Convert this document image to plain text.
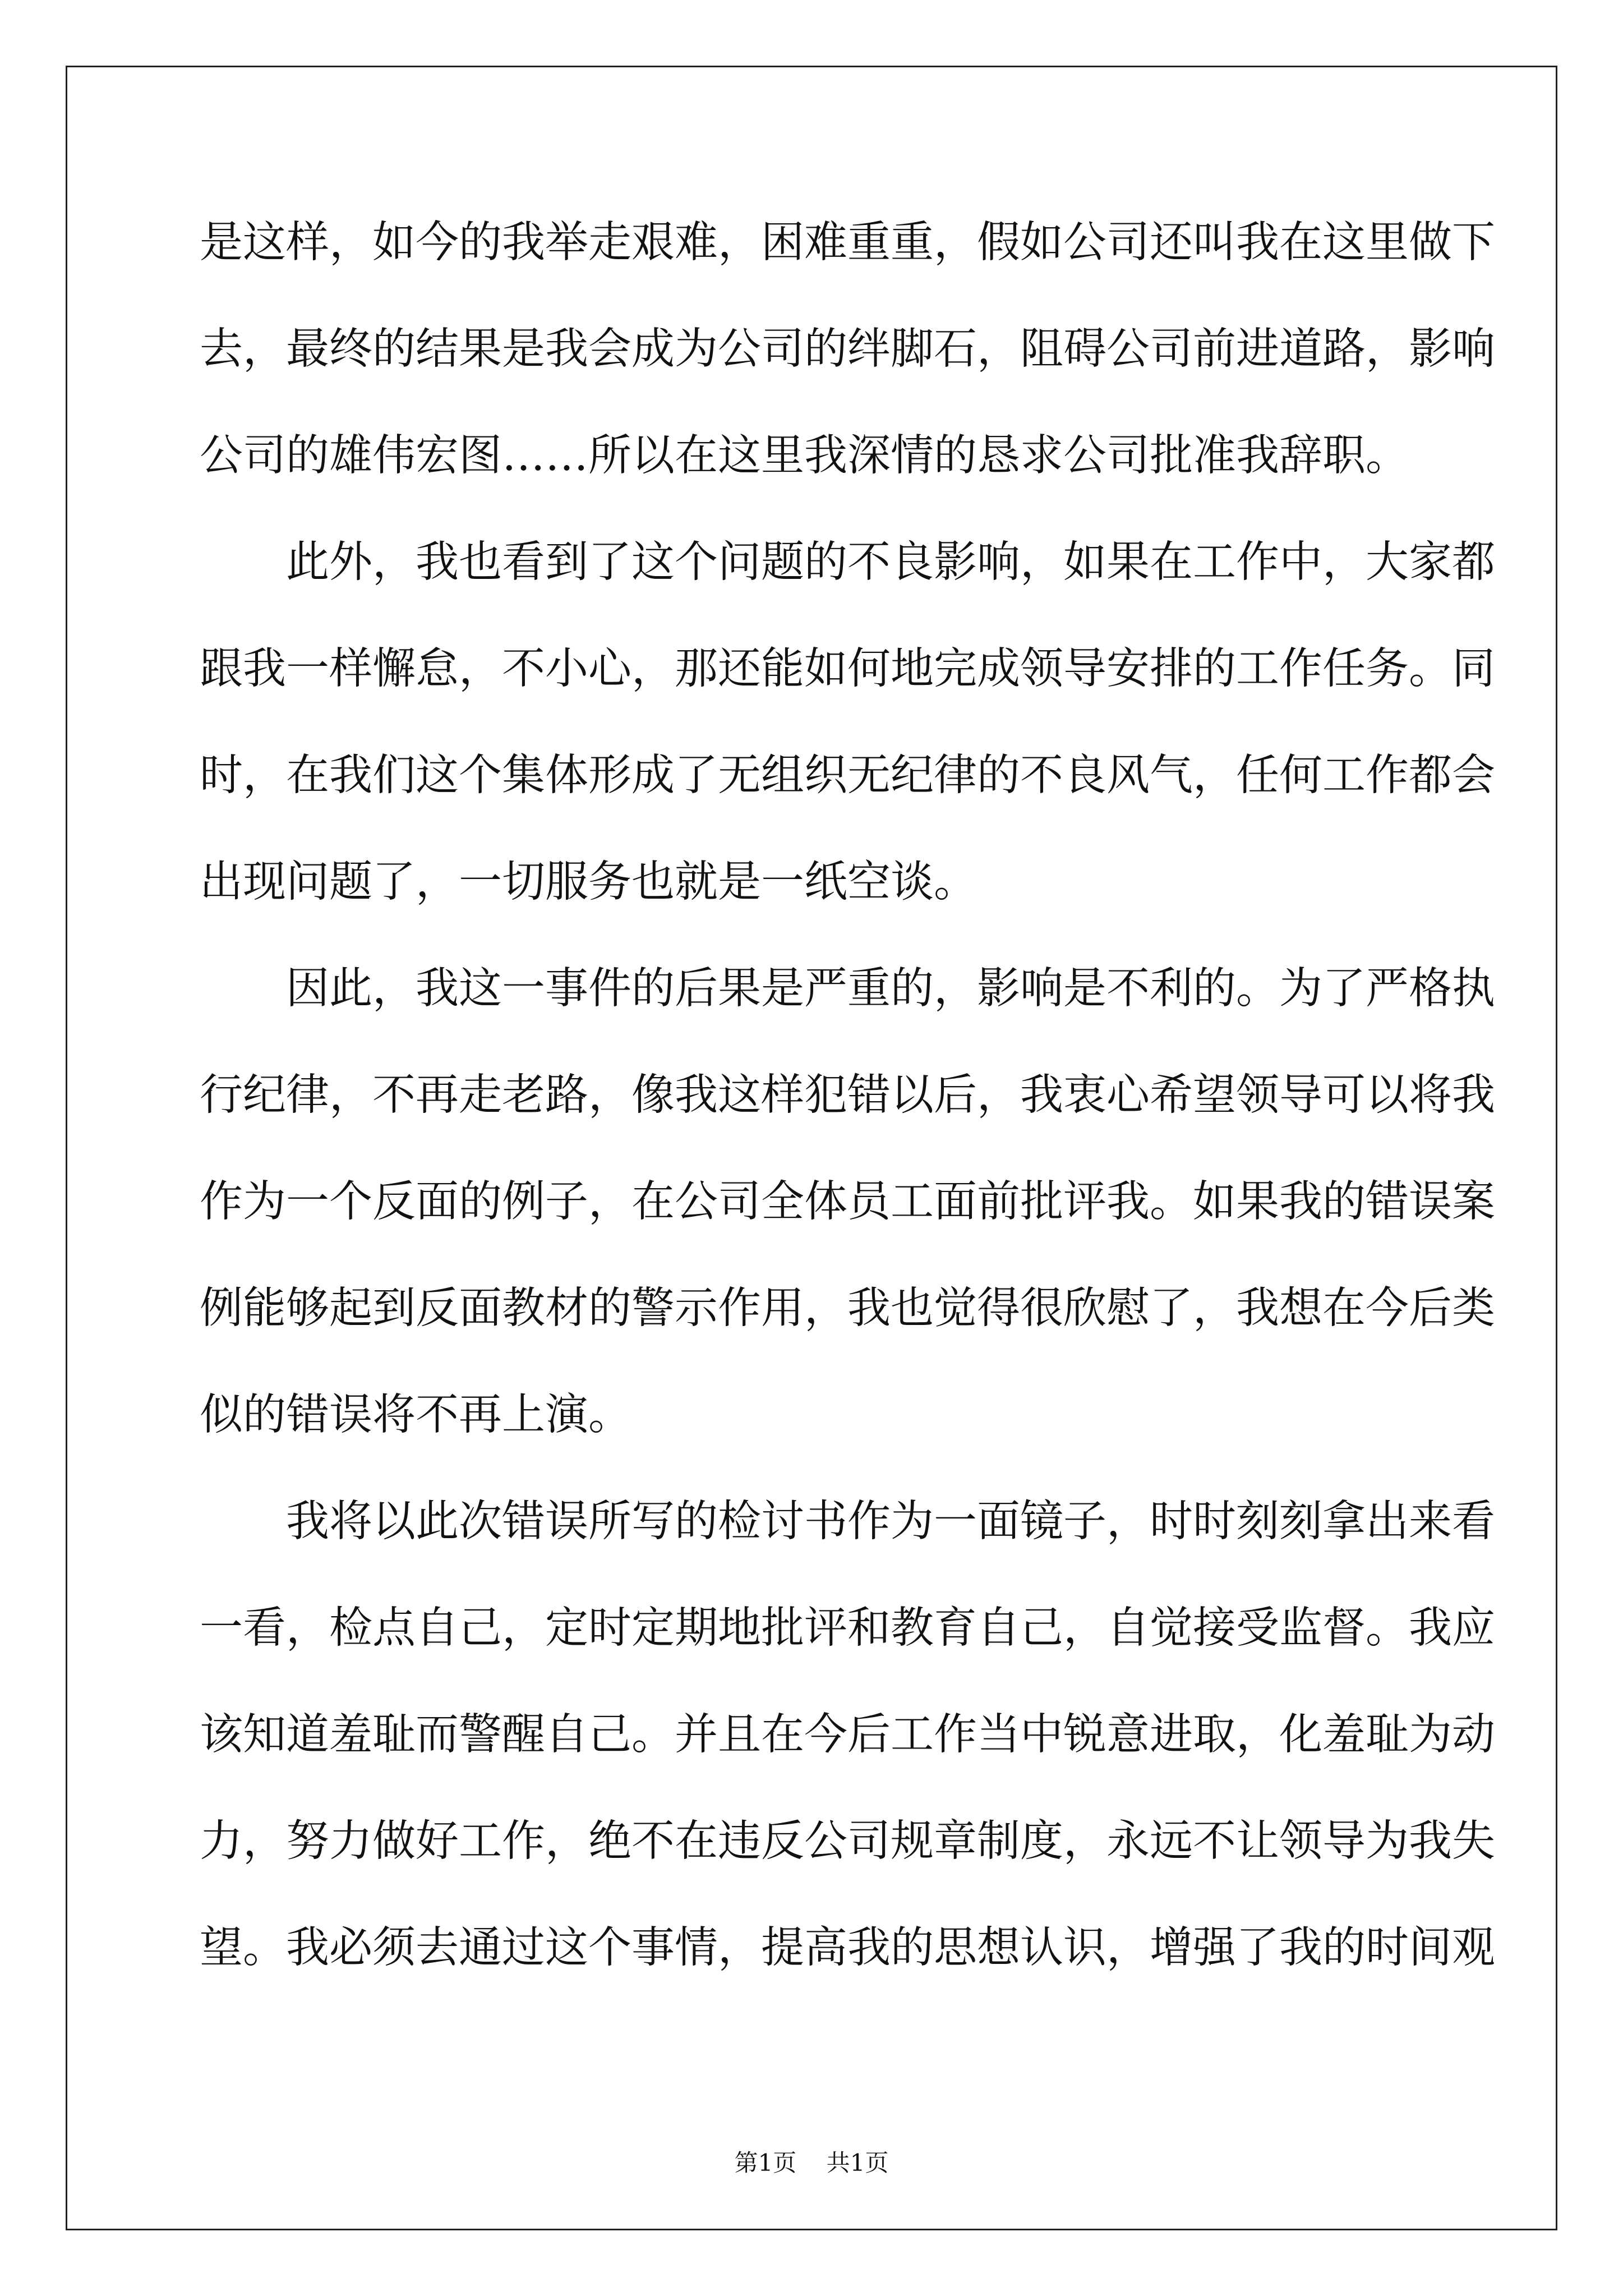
是这样，如今的我举走艰难，困难重重，假如公司还叫我在这里做下
去，最终的结果是我会成为公司的绊脚石，阻碍公司前进道路，影响
公司的雄伟宏图……所以在这里我深情的恳求公司批准我辞职。

此外，我也看到了这个问题的不良影响，如果在工作中，大家都
跟我一样懈怠，不小心，那还能如何地完成领导安排的工作任务。同
时，在我们这个集体形成了无组织无纪律的不良风气，任何工作都会
出现问题了，一切服务也就是一纸空谈。

因此，我这一事件的后果是严重的，影响是不利的。为了严格执
行纪律，不再走老路，像我这样犯错以后，我衷心希望领导可以将我
作为一个反面的例子，在公司全体员工面前批评我。如果我的错误案
例能够起到反面教材的警示作用，我也觉得很欣慰了，我想在今后类
似的错误将不再上演。

我将以此次错误所写的检讨书作为一面镜子，时时刻刻拿出来看
一看，检点自己，定时定期地批评和教育自己，自觉接受监督。我应
该知道羞耻而警醒自己。并且在今后工作当中锐意进取，化羞耻为动
力，努力做好工作，绝不在违反公司规章制度，永远不让领导为我失
望。我必须去通过这个事情，提高我的思想认识，增强了我的时间观

第1页 共1页
